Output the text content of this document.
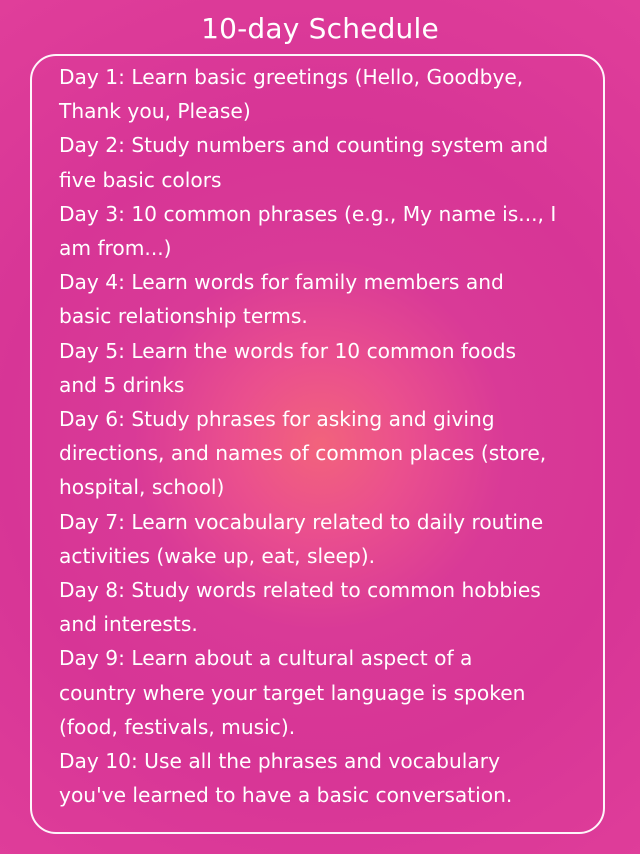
10-day Schedule
Day 1: Learn basic greetings (Hello, Goodbye,
Thank you, Please)
Day 2: Study numbers and counting system and
five basic colors
Day 3: 10 common phrases (e.g., My name is..., I
am from...)
Day 4: Learn words for family members and
basic relationship terms.
Day 5: Learn the words for 10 common foods
and 5 drinks
Day 6: Study phrases for asking and giving
directions, and names of common places (store,
hospital, school)
Day 7: Learn vocabulary related to daily routine
activities (wake up, eat, sleep).
Day 8: Study words related to common hobbies
and interests.
Day 9: Learn about a cultural aspect of a
country where your target language is spoken
(food, festivals, music).
Day 10: Use all the phrases and vocabulary
you've learned to have a basic conversation.
